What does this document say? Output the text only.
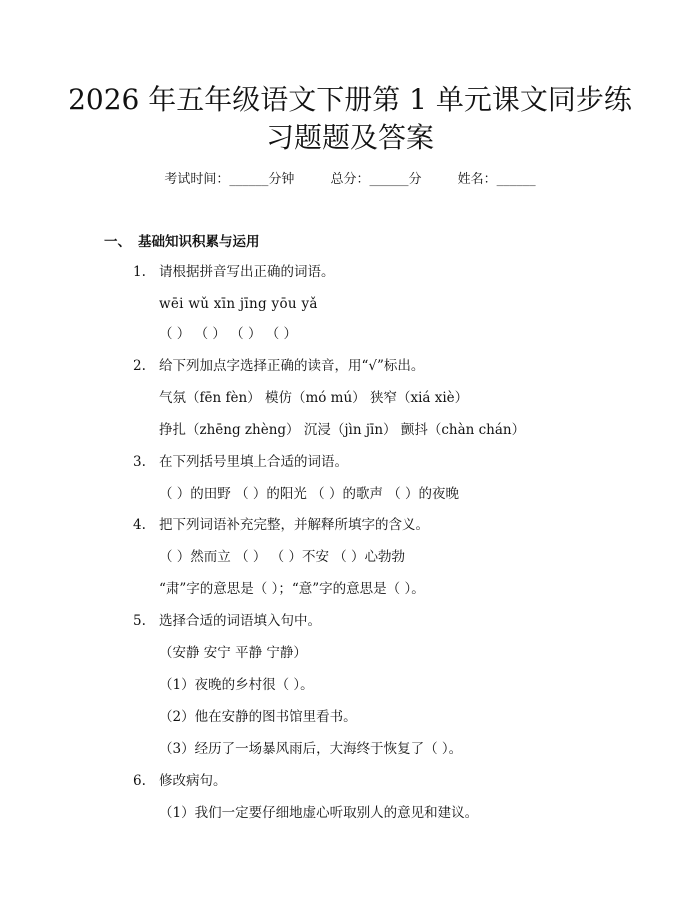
2026 年五年级语文下册第 1 单元课文同步练
习题题及答案
考试时间：______分钟	总分：______分	姓名：______
一、 基础知识积累与运用
1. 请根据拼音写出正确的词语。
wēi wǔ xīn jīng yōu yǎ
（ ） （ ） （ ） （ ）
2. 给下列加点字选择正确的读音，用“√”标出。
气氛（fēn fèn） 模仿（mó mú） 狭窄（xiá xiè）
挣扎（zhēng zhèng） 沉浸（jìn jīn） 颤抖（chàn chán）
3. 在下列括号里填上合适的词语。
（ ）的田野 （ ）的阳光 （ ）的歌声 （ ）的夜晚
4. 把下列词语补充完整，并解释所填字的含义。
（ ）然而立 （ ） （ ）不安 （ ）心勃勃
“肃”字的意思是（ ）；“意”字的意思是（ ）。
5. 选择合适的词语填入句中。
（安静 安宁 平静 宁静）
（1）夜晚的乡村很（ ）。
（2）他在安静的图书馆里看书。
（3）经历了一场暴风雨后，大海终于恢复了（ ）。
6. 修改病句。
（1）我们一定要仔细地虚心听取别人的意见和建议。
